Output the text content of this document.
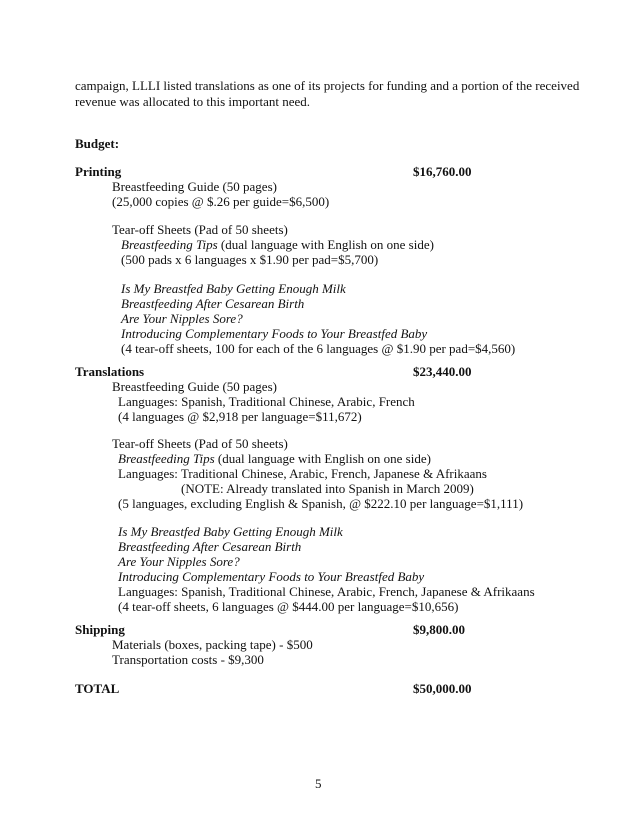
campaign, LLLI listed translations as one of its projects for funding and a portion of the received
revenue was allocated to this important need.
Budget:
Printing	$16,760.00
Breastfeeding Guide (50 pages)
(25,000 copies @ $.26 per guide=$6,500)
Tear-off Sheets (Pad of 50 sheets)
Breastfeeding Tips (dual language with English on one side)
(500 pads x 6 languages x $1.90 per pad=$5,700)
Is My Breastfed Baby Getting Enough Milk
Breastfeeding After Cesarean Birth
Are Your Nipples Sore?
Introducing Complementary Foods to Your Breastfed Baby
(4 tear-off sheets, 100 for each of the 6 languages @ $1.90 per pad=$4,560)
Translations	$23,440.00
Breastfeeding Guide (50 pages)
Languages: Spanish, Traditional Chinese, Arabic, French
(4 languages @ $2,918 per language=$11,672)
Tear-off Sheets (Pad of 50 sheets)
Breastfeeding Tips (dual language with English on one side)
Languages: Traditional Chinese, Arabic, French, Japanese & Afrikaans
(NOTE: Already translated into Spanish in March 2009)
(5 languages, excluding English & Spanish, @ $222.10 per language=$1,111)
Is My Breastfed Baby Getting Enough Milk
Breastfeeding After Cesarean Birth
Are Your Nipples Sore?
Introducing Complementary Foods to Your Breastfed Baby
Languages: Spanish, Traditional Chinese, Arabic, French, Japanese & Afrikaans
(4 tear-off sheets, 6 languages @ $444.00 per language=$10,656)
Shipping	$9,800.00
Materials (boxes, packing tape) - $500
Transportation costs - $9,300
TOTAL	$50,000.00
5
